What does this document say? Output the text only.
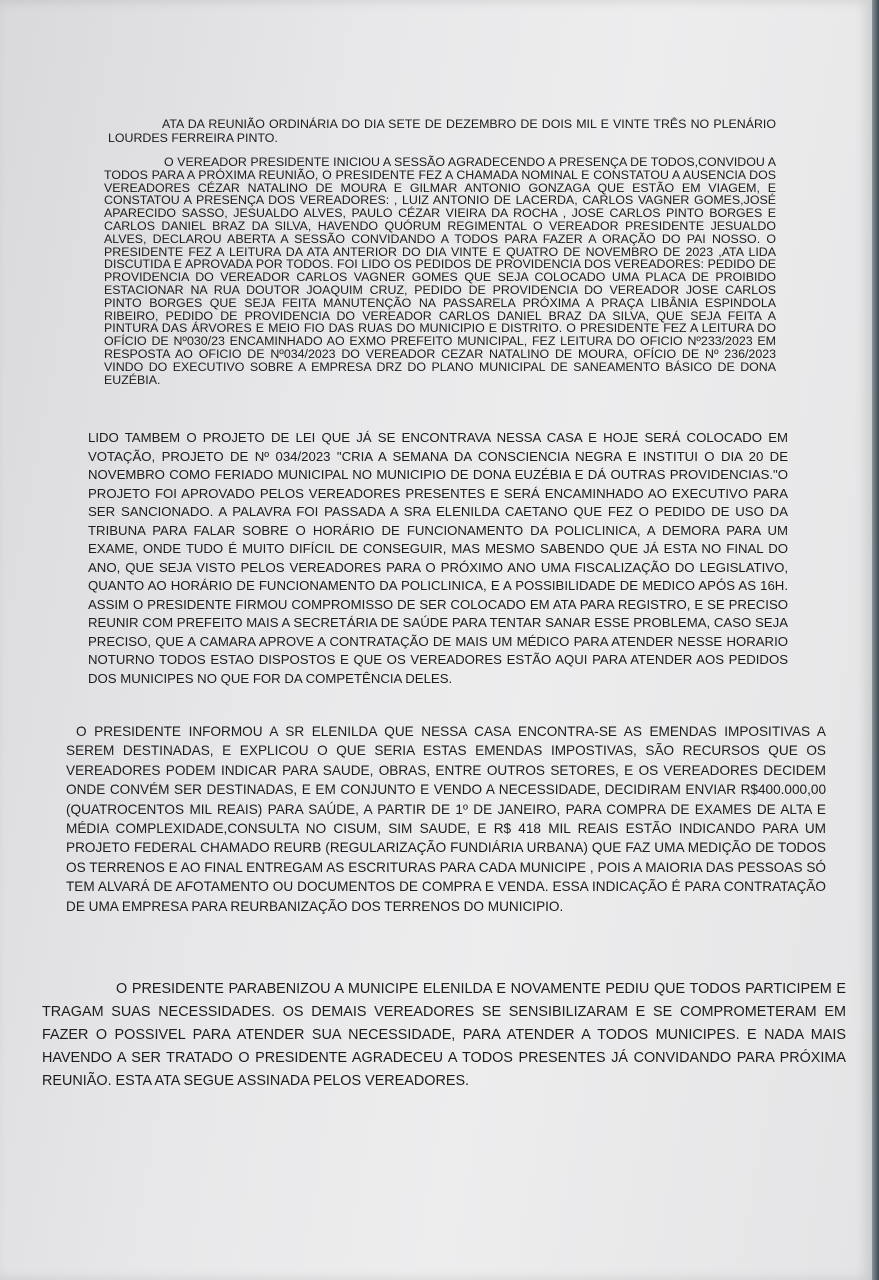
ATA DA REUNIÃO ORDINÁRIA DO DIA SETE DE DEZEMBRO DE DOIS MIL E VINTE TRÊS NO PLENÁRIO LOURDES FERREIRA PINTO.

O VEREADOR PRESIDENTE INICIOU A SESSÃO AGRADECENDO A PRESENÇA DE TODOS,CONVIDOU A TODOS PARA A PRÓXIMA REUNIÃO, O PRESIDENTE FEZ A CHAMADA NOMINAL E CONSTATOU A AUSENCIA DOS VEREADORES CÉZAR NATALINO DE MOURA E GILMAR ANTONIO GONZAGA QUE ESTÃO EM VIAGEM, E CONSTATOU A PRESENÇA DOS VEREADORES: , LUIZ ANTONIO DE LACERDA, CARLOS VAGNER GOMES,JOSÉ APARECIDO SASSO, JESUALDO ALVES, PAULO CÉZAR VIEIRA DA ROCHA , JOSE CARLOS PINTO BORGES E CARLOS DANIEL BRAZ DA SILVA, HAVENDO QUÓRUM REGIMENTAL O VEREADOR PRESIDENTE JESUALDO ALVES, DECLAROU ABERTA A SESSÃO CONVIDANDO A TODOS PARA FAZER A ORAÇÃO DO PAI NOSSO. O PRESIDENTE FEZ A LEITURA DA ATA ANTERIOR DO DIA VINTE E QUATRO DE NOVEMBRO DE 2023 ,ATA LIDA DISCUTIDA E APROVADA POR TODOS. FOI LIDO OS PEDIDOS DE PROVIDENCIA DOS VEREADORES: PEDIDO DE PROVIDENCIA DO VEREADOR CARLOS VAGNER GOMES QUE SEJA COLOCADO UMA PLACA DE PROIBIDO ESTACIONAR NA RUA DOUTOR JOAQUIM CRUZ, PEDIDO DE PROVIDENCIA DO VEREADOR JOSE CARLOS PINTO BORGES QUE SEJA FEITA MANUTENÇÃO NA PASSARELA PRÓXIMA A PRAÇA LIBÂNIA ESPINDOLA RIBEIRO, PEDIDO DE PROVIDENCIA DO VEREADOR CARLOS DANIEL BRAZ DA SILVA, QUE SEJA FEITA A PINTURA DAS ÁRVORES E MEIO FIO DAS RUAS DO MUNICIPIO E DISTRITO. O PRESIDENTE FEZ A LEITURA DO OFÍCIO DE Nº030/23 ENCAMINHADO AO EXMO PREFEITO MUNICIPAL, FEZ LEITURA DO OFICIO Nº233/2023 EM RESPOSTA AO OFICIO DE Nº034/2023 DO VEREADOR CEZAR NATALINO DE MOURA, OFÍCIO DE Nº 236/2023 VINDO DO EXECUTIVO SOBRE A EMPRESA DRZ DO PLANO MUNICIPAL DE SANEAMENTO BÁSICO DE DONA EUZÉBIA.

LIDO TAMBEM O PROJETO DE LEI QUE JÁ SE ENCONTRAVA NESSA CASA E HOJE SERÁ COLOCADO EM VOTAÇÃO, PROJETO DE Nº 034/2023 "CRIA A SEMANA DA CONSCIENCIA NEGRA E INSTITUI O DIA 20 DE NOVEMBRO COMO FERIADO MUNICIPAL NO MUNICIPIO DE DONA EUZÉBIA E DÁ OUTRAS PROVIDENCIAS."O PROJETO FOI APROVADO PELOS VEREADORES PRESENTES E SERÁ ENCAMINHADO AO EXECUTIVO PARA SER SANCIONADO. A PALAVRA FOI PASSADA A SRA ELENILDA CAETANO QUE FEZ O PEDIDO DE USO DA TRIBUNA PARA FALAR SOBRE O HORÁRIO DE FUNCIONAMENTO DA POLICLINICA, A DEMORA PARA UM EXAME, ONDE TUDO É MUITO DIFÍCIL DE CONSEGUIR, MAS MESMO SABENDO QUE JÁ ESTA NO FINAL DO ANO, QUE SEJA VISTO PELOS VEREADORES PARA O PRÓXIMO ANO UMA FISCALIZAÇÃO DO LEGISLATIVO, QUANTO AO HORÁRIO DE FUNCIONAMENTO DA POLICLINICA, E A POSSIBILIDADE DE MEDICO APÓS AS 16H. ASSIM O PRESIDENTE FIRMOU COMPROMISSO DE SER COLOCADO EM ATA PARA REGISTRO, E SE PRECISO REUNIR COM PREFEITO MAIS A SECRETÁRIA DE SAÚDE PARA TENTAR SANAR ESSE PROBLEMA, CASO SEJA PRECISO, QUE A CAMARA APROVE A CONTRATAÇÃO DE MAIS UM MÉDICO PARA ATENDER NESSE HORARIO NOTURNO TODOS ESTAO DISPOSTOS E QUE OS VEREADORES ESTÃO AQUI PARA ATENDER AOS PEDIDOS DOS MUNICIPES NO QUE FOR DA COMPETÊNCIA DELES.

O PRESIDENTE INFORMOU A SR ELENILDA QUE NESSA CASA ENCONTRA-SE AS EMENDAS IMPOSITIVAS A SEREM DESTINADAS, E EXPLICOU O QUE SERIA ESTAS EMENDAS IMPOSTIVAS, SÃO RECURSOS QUE OS VEREADORES PODEM INDICAR PARA SAUDE, OBRAS, ENTRE OUTROS SETORES, E OS VEREADORES DECIDEM ONDE CONVÉM SER DESTINADAS, E EM CONJUNTO E VENDO A NECESSIDADE, DECIDIRAM ENVIAR R$400.000,00 (QUATROCENTOS MIL REAIS) PARA SAÚDE, A PARTIR DE 1º DE JANEIRO, PARA COMPRA DE EXAMES DE ALTA E MÉDIA COMPLEXIDADE,CONSULTA NO CISUM, SIM SAUDE, E R$ 418 MIL REAIS ESTÃO INDICANDO PARA UM PROJETO FEDERAL CHAMADO REURB (REGULARIZAÇÃO FUNDIÁRIA URBANA) QUE FAZ UMA MEDIÇÃO DE TODOS OS TERRENOS E AO FINAL ENTREGAM AS ESCRITURAS PARA CADA MUNICIPE , POIS A MAIORIA DAS PESSOAS SÓ TEM ALVARÁ DE AFOTAMENTO OU DOCUMENTOS DE COMPRA E VENDA. ESSA INDICAÇÃO É PARA CONTRATAÇÃO DE UMA EMPRESA PARA REURBANIZAÇÃO DOS TERRENOS DO MUNICIPIO.

O PRESIDENTE PARABENIZOU A MUNICIPE ELENILDA E NOVAMENTE PEDIU QUE TODOS PARTICIPEM E TRAGAM SUAS NECESSIDADES. OS DEMAIS VEREADORES SE SENSIBILIZARAM E SE COMPROMETERAM EM FAZER O POSSIVEL PARA ATENDER SUA NECESSIDADE, PARA ATENDER A TODOS MUNICIPES. E NADA MAIS HAVENDO A SER TRATADO O PRESIDENTE AGRADECEU A TODOS PRESENTES JÁ CONVIDANDO PARA PRÓXIMA REUNIÃO. ESTA ATA SEGUE ASSINADA PELOS VEREADORES.
